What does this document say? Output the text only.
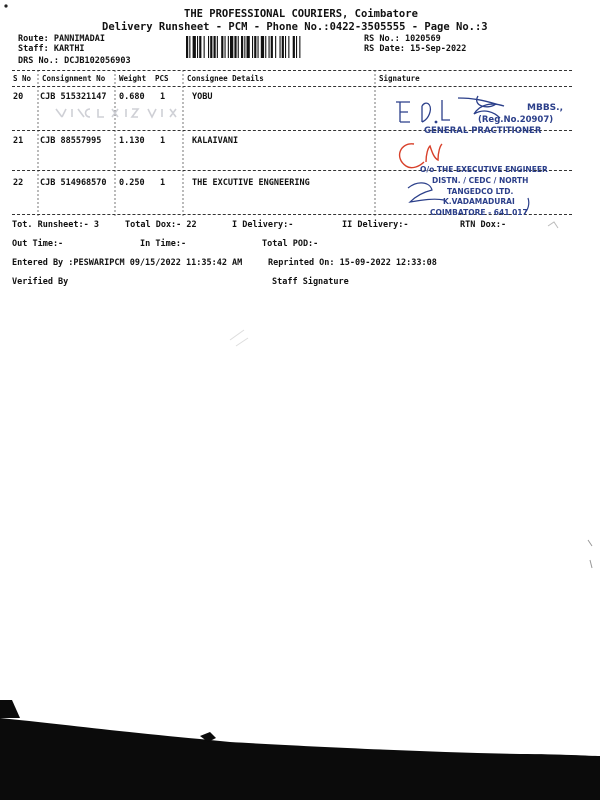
THE PROFESSIONAL COURIERS, Coimbatore
Delivery Runsheet - PCM - Phone No.:0422-3505555 - Page No.:3
Route: PANNIMADAI
Staff: KARTHI
DRS No.: DCJB102056903
RS No.: 1020569
RS Date: 15-Sep-2022
S No Consignment No Weight PCS Consignee Details	Signature
20 CJB 515321147 0.680 1	YOBU
21 CJB 88557995 1.130 1	KALAIVANI
22 CJB 514968570 0.250 1	THE EXCUTIVE ENGNEERING
MBBS.,
(Reg.No.20907)
GENERAL PRACTITIONER
O/o THE EXECUTIVE ENGINEER
DISTN. / CEDC / NORTH
TANGEDCO LTD.
K.VADAMADURAI
COIMBATORE - 641 017
Tot. Runsheet:- 3	Total Dox:- 22	I Delivery:-	II Delivery:-	RTN Dox:-
Out Time:-	In Time:-	Total POD:-
Entered By :PESWARIPCM 09/15/2022 11:35:42 AM	Reprinted On: 15-09-2022 12:33:08
Verified By	Staff Signature
